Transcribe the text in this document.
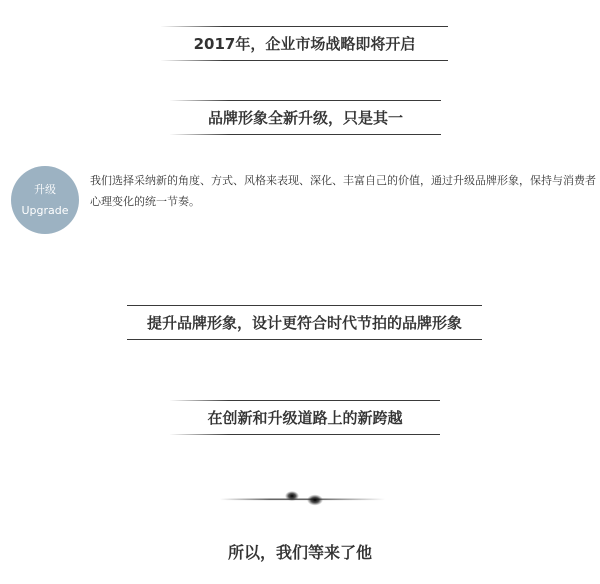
2017年，企业市场战略即将开启
品牌形象全新升级，只是其一
升级
Upgrade

我们选择采纳新的角度、方式、风格来表现、深化、丰富自己的价值，通过升级品牌形象，保持与消费者心理变化的统一节奏。

提升品牌形象，设计更符合时代节拍的品牌形象
在创新和升级道路上的新跨越
所以，我们等来了他
